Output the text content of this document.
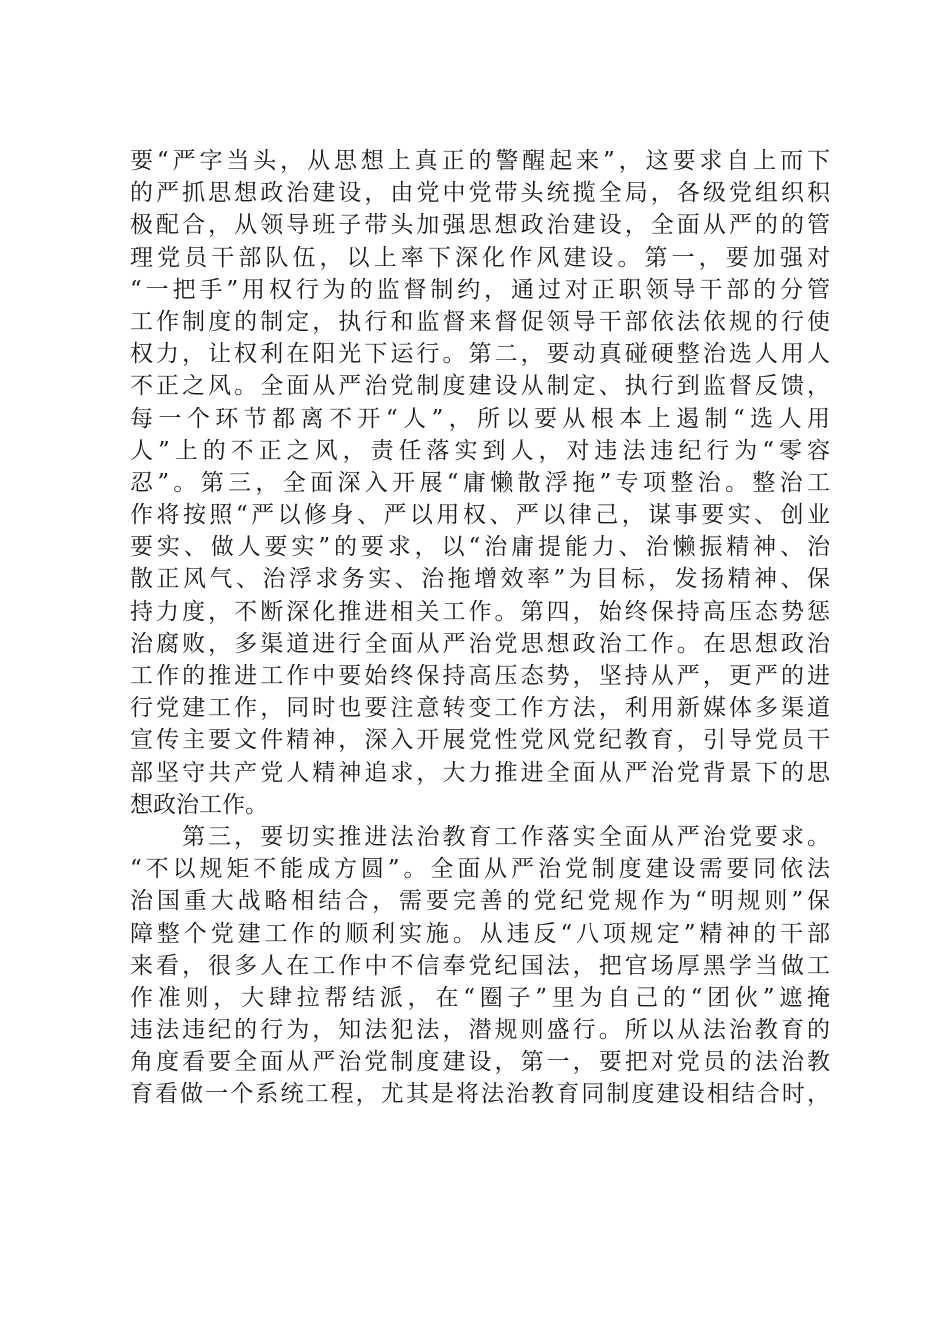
要“严字当头，从思想上真正的警醒起来”，这要求自上而下
的严抓思想政治建设，由党中党带头统揽全局，各级党组织积
极配合，从领导班子带头加强思想政治建设，全面从严的的管
理党员干部队伍，以上率下深化作风建设。第一，要加强对
“一把手”用权行为的监督制约，通过对正职领导干部的分管
工作制度的制定，执行和监督来督促领导干部依法依规的行使
权力，让权利在阳光下运行。第二，要动真碰硬整治选人用人
不正之风。全面从严治党制度建设从制定、执行到监督反馈，
每一个环节都离不开“人”，所以要从根本上遏制“选人用
人”上的不正之风，责任落实到人，对违法违纪行为“零容
忍”。第三，全面深入开展“庸懒散浮拖”专项整治。整治工
作将按照“严以修身、严以用权、严以律己，谋事要实、创业
要实、做人要实”的要求，以“治庸提能力、治懒振精神、治
散正风气、治浮求务实、治拖增效率”为目标，发扬精神、保
持力度，不断深化推进相关工作。第四，始终保持高压态势惩
治腐败，多渠道进行全面从严治党思想政治工作。在思想政治
工作的推进工作中要始终保持高压态势，坚持从严，更严的进
行党建工作，同时也要注意转变工作方法，利用新媒体多渠道
宣传主要文件精神，深入开展党性党风党纪教育，引导党员干
部坚守共产党人精神追求，大力推进全面从严治党背景下的思
想政治工作。
　　第三，要切实推进法治教育工作落实全面从严治党要求。
“不以规矩不能成方圆”。全面从严治党制度建设需要同依法
治国重大战略相结合，需要完善的党纪党规作为“明规则”保
障整个党建工作的顺利实施。从违反“八项规定”精神的干部
来看，很多人在工作中不信奉党纪国法，把官场厚黑学当做工
作准则，大肆拉帮结派，在“圈子”里为自己的“团伙”遮掩
违法违纪的行为，知法犯法，潜规则盛行。所以从法治教育的
角度看要全面从严治党制度建设，第一，要把对党员的法治教
育看做一个系统工程，尤其是将法治教育同制度建设相结合时，
